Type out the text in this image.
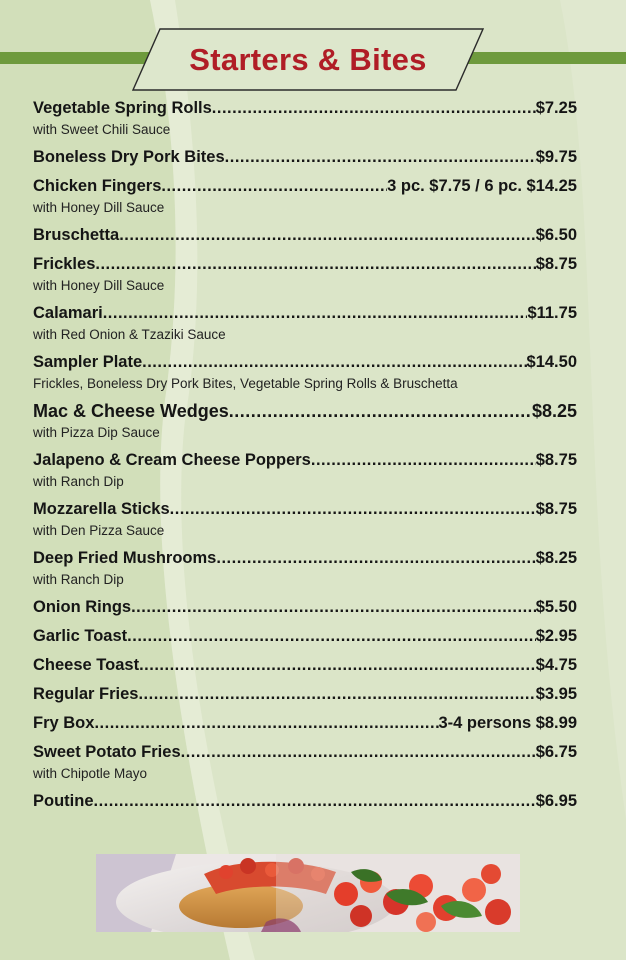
Starters & Bites
Vegetable Spring Rolls .....	$7.25
with Sweet Chili Sauce
Boneless Dry Pork Bites .....	$9.75
Chicken Fingers .....	3 pc. $7.75 / 6 pc. $14.25
with Honey Dill Sauce
Bruschetta .....	$6.50
Frickles .....	$8.75
with Honey Dill Sauce
Calamari .....	$11.75
with Red Onion & Tzaziki Sauce
Sampler Plate .....	$14.50
Frickles, Boneless Dry Pork Bites, Vegetable Spring Rolls & Bruschetta
Mac & Cheese Wedges .....	$8.25
with Pizza Dip Sauce
Jalapeno & Cream Cheese Poppers .....	$8.75
with Ranch Dip
Mozzarella Sticks .....	$8.75
with Den Pizza Sauce
Deep Fried Mushrooms .....	$8.25
with Ranch Dip
Onion Rings .....	$5.50
Garlic Toast .....	$2.95
Cheese Toast .....	$4.75
Regular Fries .....	$3.95
Fry Box .....	3-4 persons $8.99
Sweet Potato Fries .....	$6.75
with Chipotle Mayo
Poutine .....	$6.95
